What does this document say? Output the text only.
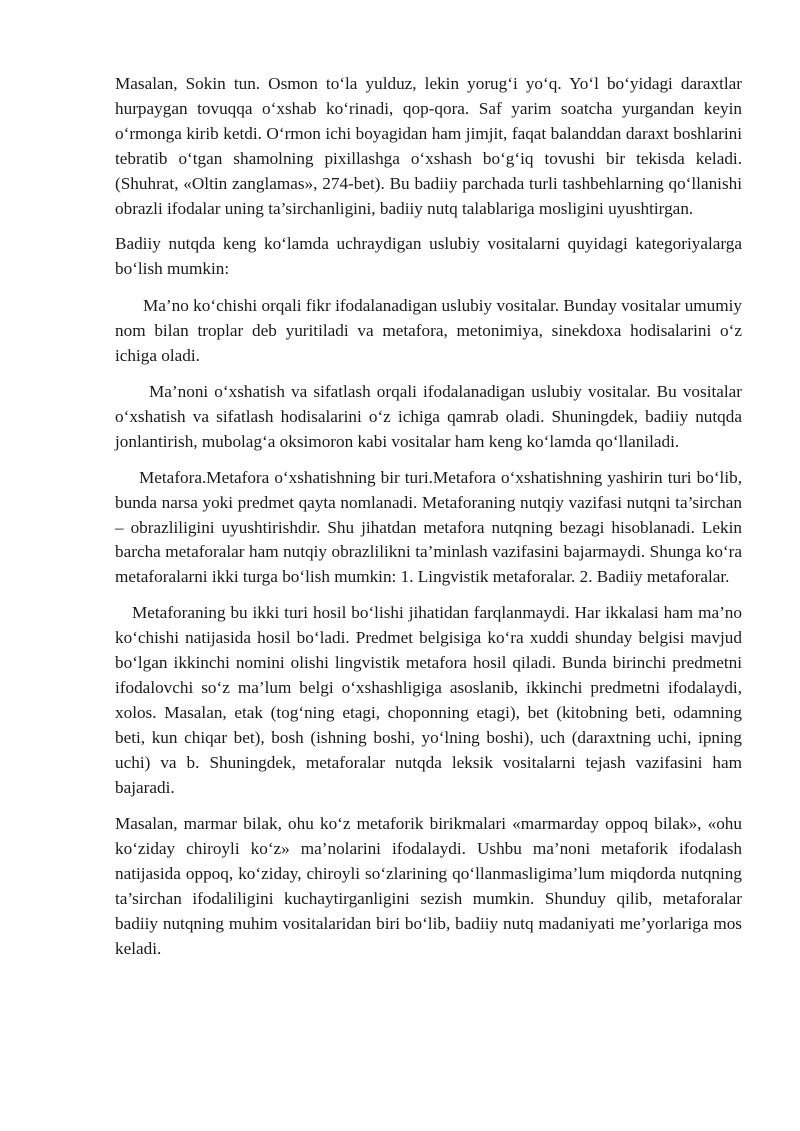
Masalan, Sokin tun. Osmon to‘la yulduz, lekin yorug‘i yo‘q. Yo‘l bo‘yidagi daraxtlar hurpaygan tovuqqa o‘xshab ko‘rinadi, qop-qora. Saf yarim soatcha yurgandan keyin o‘rmonga kirib ketdi. O‘rmon ichi boyagidan ham jimjit, faqat balanddan daraxt boshlarini tebratib o‘tgan shamolning pixillashga o‘xshash bo‘g‘iq tovushi bir tekisda keladi. (Shuhrat, «Oltin zanglamas», 274-bet). Bu badiiy parchada turli tashbehlarning qo‘llanishi obrazli ifodalar uning ta’sirchanligini, badiiy nutq talablariga mosligini uyushtirgan.

Badiiy nutqda keng ko‘lamda uchraydigan uslubiy vositalarni quyidagi kategoriyalarga bo‘lish mumkin:

Ma’no ko‘chishi orqali fikr ifodalanadigan uslubiy vositalar. Bunday vositalar umumiy nom bilan troplar deb yuritiladi va metafora, metonimiya, sinekdoxa hodisalarini o‘z ichiga oladi.

Ma’noni o‘xshatish va sifatlash orqali ifodalanadigan uslubiy vositalar. Bu vositalar o‘xshatish va sifatlash hodisalarini o‘z ichiga qamrab oladi. Shuningdek, badiiy nutqda jonlantirish, mubolag‘a oksimoron kabi vositalar ham keng ko‘lamda qo‘llaniladi.

Metafora.Metafora o‘xshatishning bir turi.Metafora o‘xshatishning yashirin turi bo‘lib, bunda narsa yoki predmet qayta nomlanadi. Metaforaning nutqiy vazifasi nutqni ta’sirchan – obrazliligini uyushtirishdir. Shu jihatdan metafora nutqning bezagi hisoblanadi. Lekin barcha metaforalar ham nutqiy obrazlilikni ta’minlash vazifasini bajarmaydi. Shunga ko‘ra metaforalarni ikki turga bo‘lish mumkin: 1. Lingvistik metaforalar. 2. Badiiy metaforalar.

Metaforaning bu ikki turi hosil bo‘lishi jihatidan farqlanmaydi. Har ikkalasi ham ma’no ko‘chishi natijasida hosil bo‘ladi. Predmet belgisiga ko‘ra xuddi shunday belgisi mavjud bo‘lgan ikkinchi nomini olishi lingvistik metafora hosil qiladi. Bunda birinchi predmetni ifodalovchi so‘z ma’lum belgi o‘xshashligiga asoslanib, ikkinchi predmetni ifodalaydi, xolos. Masalan, etak (tog‘ning etagi, choponning etagi), bet (kitobning beti, odamning beti, kun chiqar bet), bosh (ishning boshi, yo‘lning boshi), uch (daraxtning uchi, ipning uchi) va b. Shuningdek, metaforalar nutqda leksik vositalarni tejash vazifasini ham bajaradi.

Masalan, marmar bilak, ohu ko‘z metaforik birikmalari «marmarday oppoq bilak», «ohu ko‘ziday chiroyli ko‘z» ma’nolarini ifodalaydi. Ushbu ma’noni metaforik ifodalash natijasida oppoq, ko‘ziday, chiroyli so‘zlarining qo‘llanmasligima’lum miqdorda nutqning ta’sirchan ifodaliligini kuchaytirganligini sezish mumkin. Shunduy qilib, metaforalar badiiy nutqning muhim vositalaridan biri bo‘lib, badiiy nutq madaniyati me’yorlariga mos keladi.
